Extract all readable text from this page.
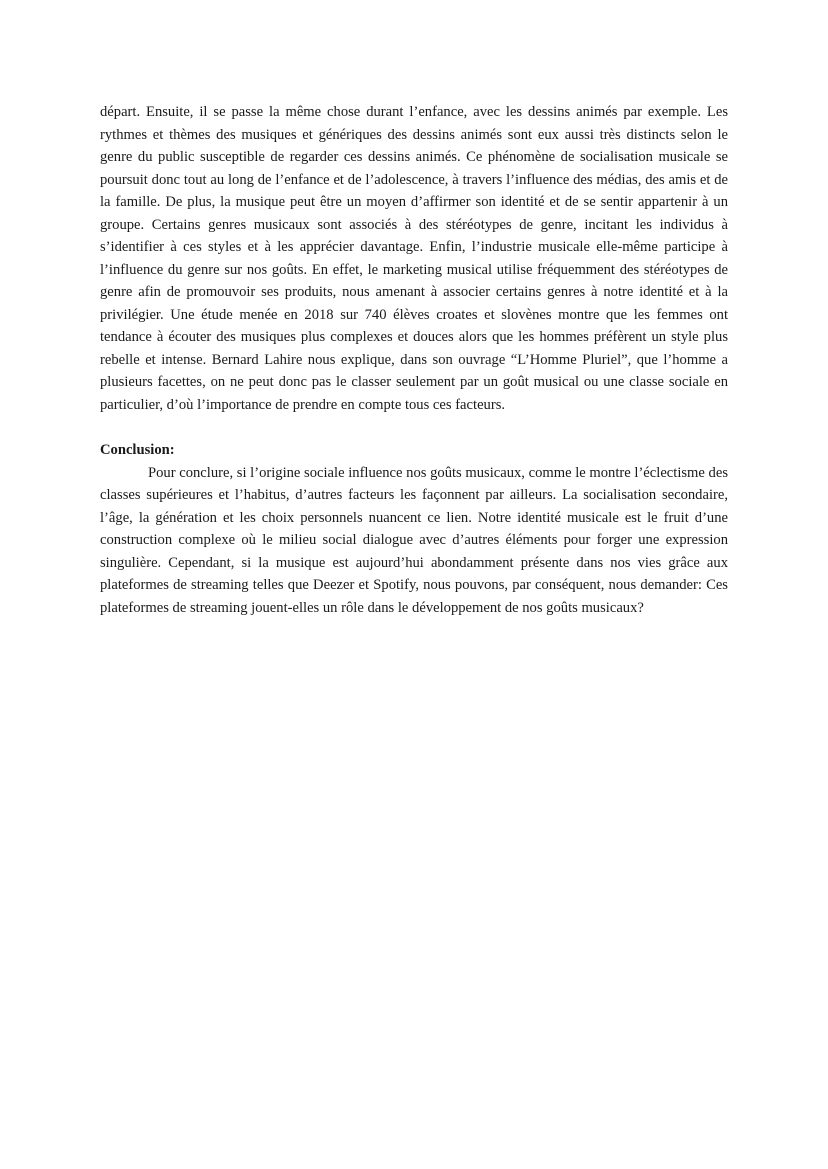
départ. Ensuite, il se passe la même chose durant l’enfance, avec les dessins animés par exemple. Les rythmes et thèmes des musiques et génériques des dessins animés sont eux aussi très distincts selon le genre du public susceptible de regarder ces dessins animés. Ce phénomène de socialisation musicale se poursuit donc tout au long de l’enfance et de l’adolescence, à travers l’influence des médias, des amis et de la famille. De plus, la musique peut être un moyen d’affirmer son identité et de se sentir appartenir à un groupe. Certains genres musicaux sont associés à des stéréotypes de genre, incitant les individus à s’identifier à ces styles et à les apprécier davantage. Enfin, l’industrie musicale elle-même participe à l’influence du genre sur nos goûts. En effet, le marketing musical utilise fréquemment des stéréotypes de genre afin de promouvoir ses produits, nous amenant à associer certains genres à notre identité et à la privilégier. Une étude menée en 2018 sur 740 élèves croates et slovènes montre que les femmes ont tendance à écouter des musiques plus complexes et douces alors que les hommes préfèrent un style plus rebelle et intense. Bernard Lahire nous explique, dans son ouvrage “L’Homme Pluriel”, que l’homme a plusieurs facettes, on ne peut donc pas le classer seulement par un goût musical ou une classe sociale en particulier, d’où l’importance de prendre en compte tous ces facteurs.

Conclusion:

Pour conclure, si l’origine sociale influence nos goûts musicaux, comme le montre l’éclectisme des classes supérieures et l’habitus, d’autres facteurs les façonnent par ailleurs. La socialisation secondaire, l’âge, la génération et les choix personnels nuancent ce lien. Notre identité musicale est le fruit d’une construction complexe où le milieu social dialogue avec d’autres éléments pour forger une expression singulière. Cependant, si la musique est aujourd’hui abondamment présente dans nos vies grâce aux plateformes de streaming telles que Deezer et Spotify, nous pouvons, par conséquent, nous demander: Ces plateformes de streaming jouent-elles un rôle dans le développement de nos goûts musicaux?
